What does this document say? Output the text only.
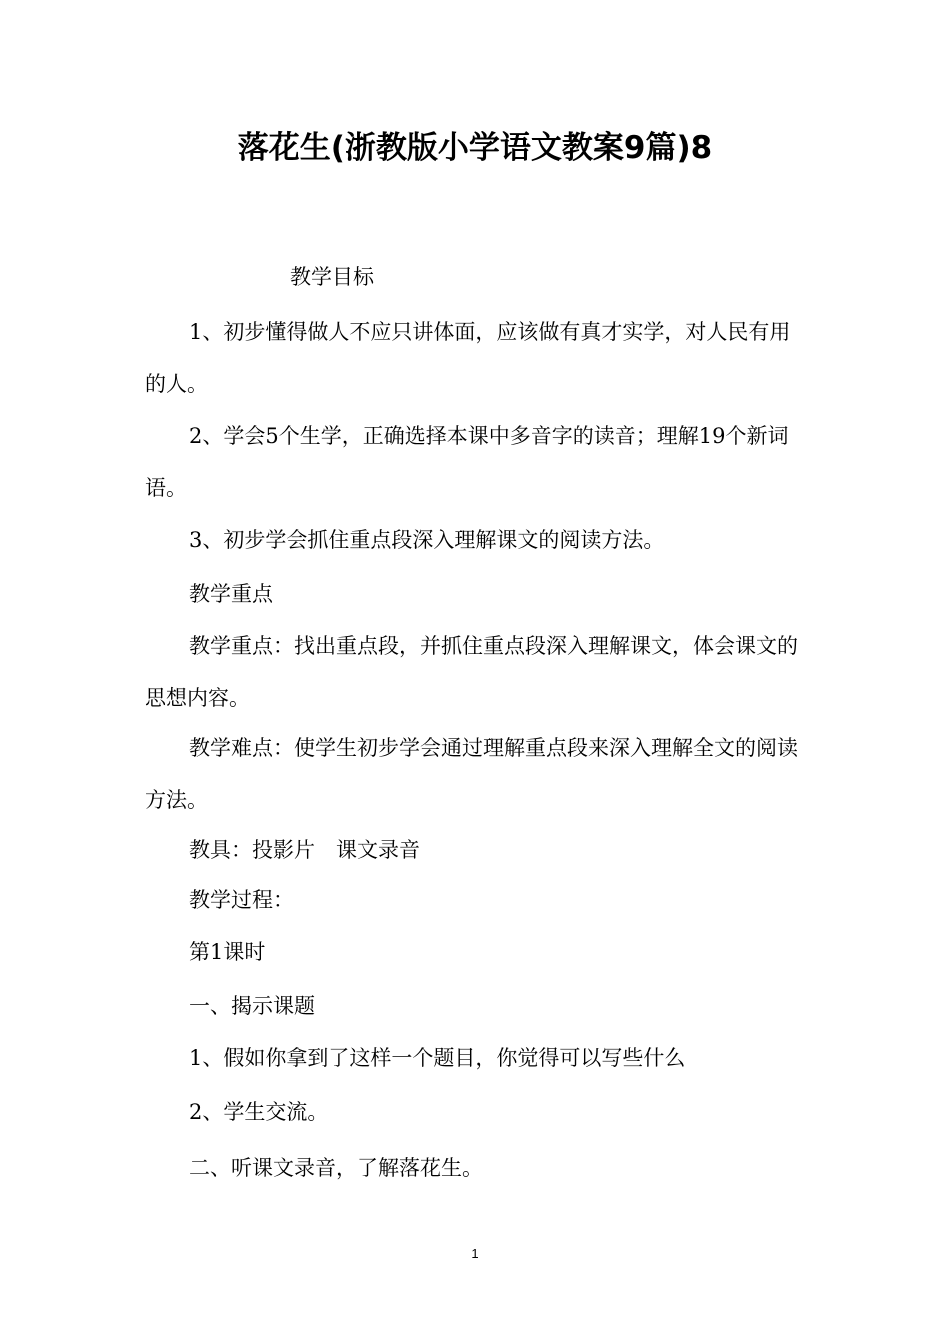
落花生(浙教版小学语文教案9篇)8

教学目标

1、初步懂得做人不应只讲体面，应该做有真才实学，对人民有用的人。

2、学会5个生学，正确选择本课中多音字的读音；理解19个新词语。

3、初步学会抓住重点段深入理解课文的阅读方法。

教学重点

教学重点：找出重点段，并抓住重点段深入理解课文，体会课文的思想内容。

教学难点：使学生初步学会通过理解重点段来深入理解全文的阅读方法。

教具：投影片　课文录音

教学过程：

第1课时

一、揭示课题

1、假如你拿到了这样一个题目，你觉得可以写些什么

2、学生交流。

二、听课文录音，了解落花生。

1
